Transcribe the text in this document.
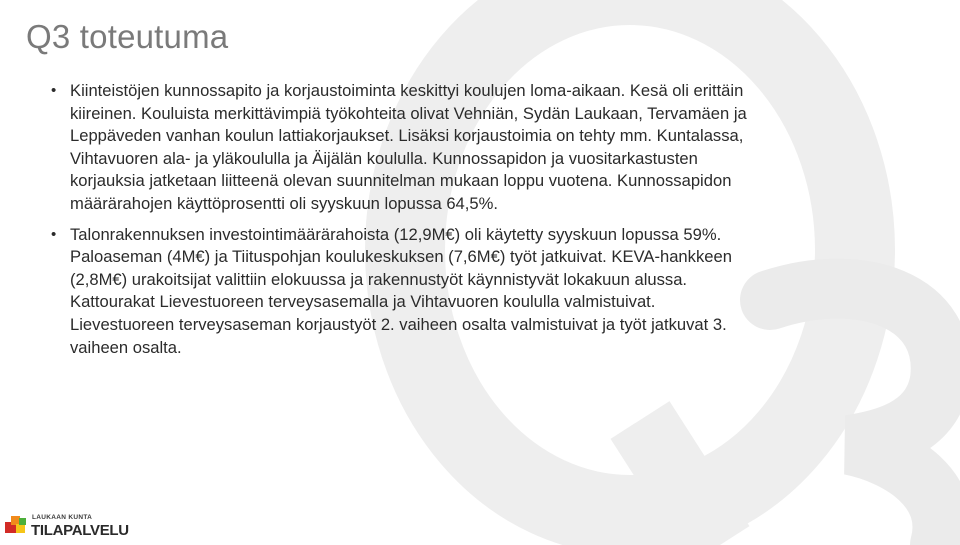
Q3 toteutuma
• Kiinteistöjen kunnossapito ja korjaustoiminta keskittyi koulujen loma-aikaan. Kesä oli erittäin kiireinen. Kouluista merkittävimpiä työkohteita olivat Vehniän, Sydän Laukaan, Tervamäen ja Leppäveden vanhan koulun lattiakorjaukset. Lisäksi korjaustoimia on tehty mm. Kuntalassa, Vihtavuoren ala- ja yläkoululla ja Äijälän koululla. Kunnossapidon ja vuositarkastusten korjauksia jatketaan liitteenä olevan suunnitelman mukaan loppu vuotena. Kunnossapidon määrärahojen käyttöprosentti oli syyskuun lopussa 64,5%.
• Talonrakennuksen investointimäärärahoista (12,9M€) oli käytetty syyskuun lopussa 59%. Paloaseman (4M€) ja Tiituspohjan koulukeskuksen (7,6M€) työt jatkuivat. KEVA-hankkeen (2,8M€) urakoitsijat valittiin elokuussa ja rakennustyöt käynnistyvät lokakuun alussa. Kattourakat Lievestuoreen terveysasemalla ja Vihtavuoren koululla valmistuivat. Lievestuoreen terveysaseman korjaustyöt 2. vaiheen osalta valmistuivat ja työt jatkuvat 3. vaiheen osalta.
LAUKAAN KUNTA
TILAPALVELU
